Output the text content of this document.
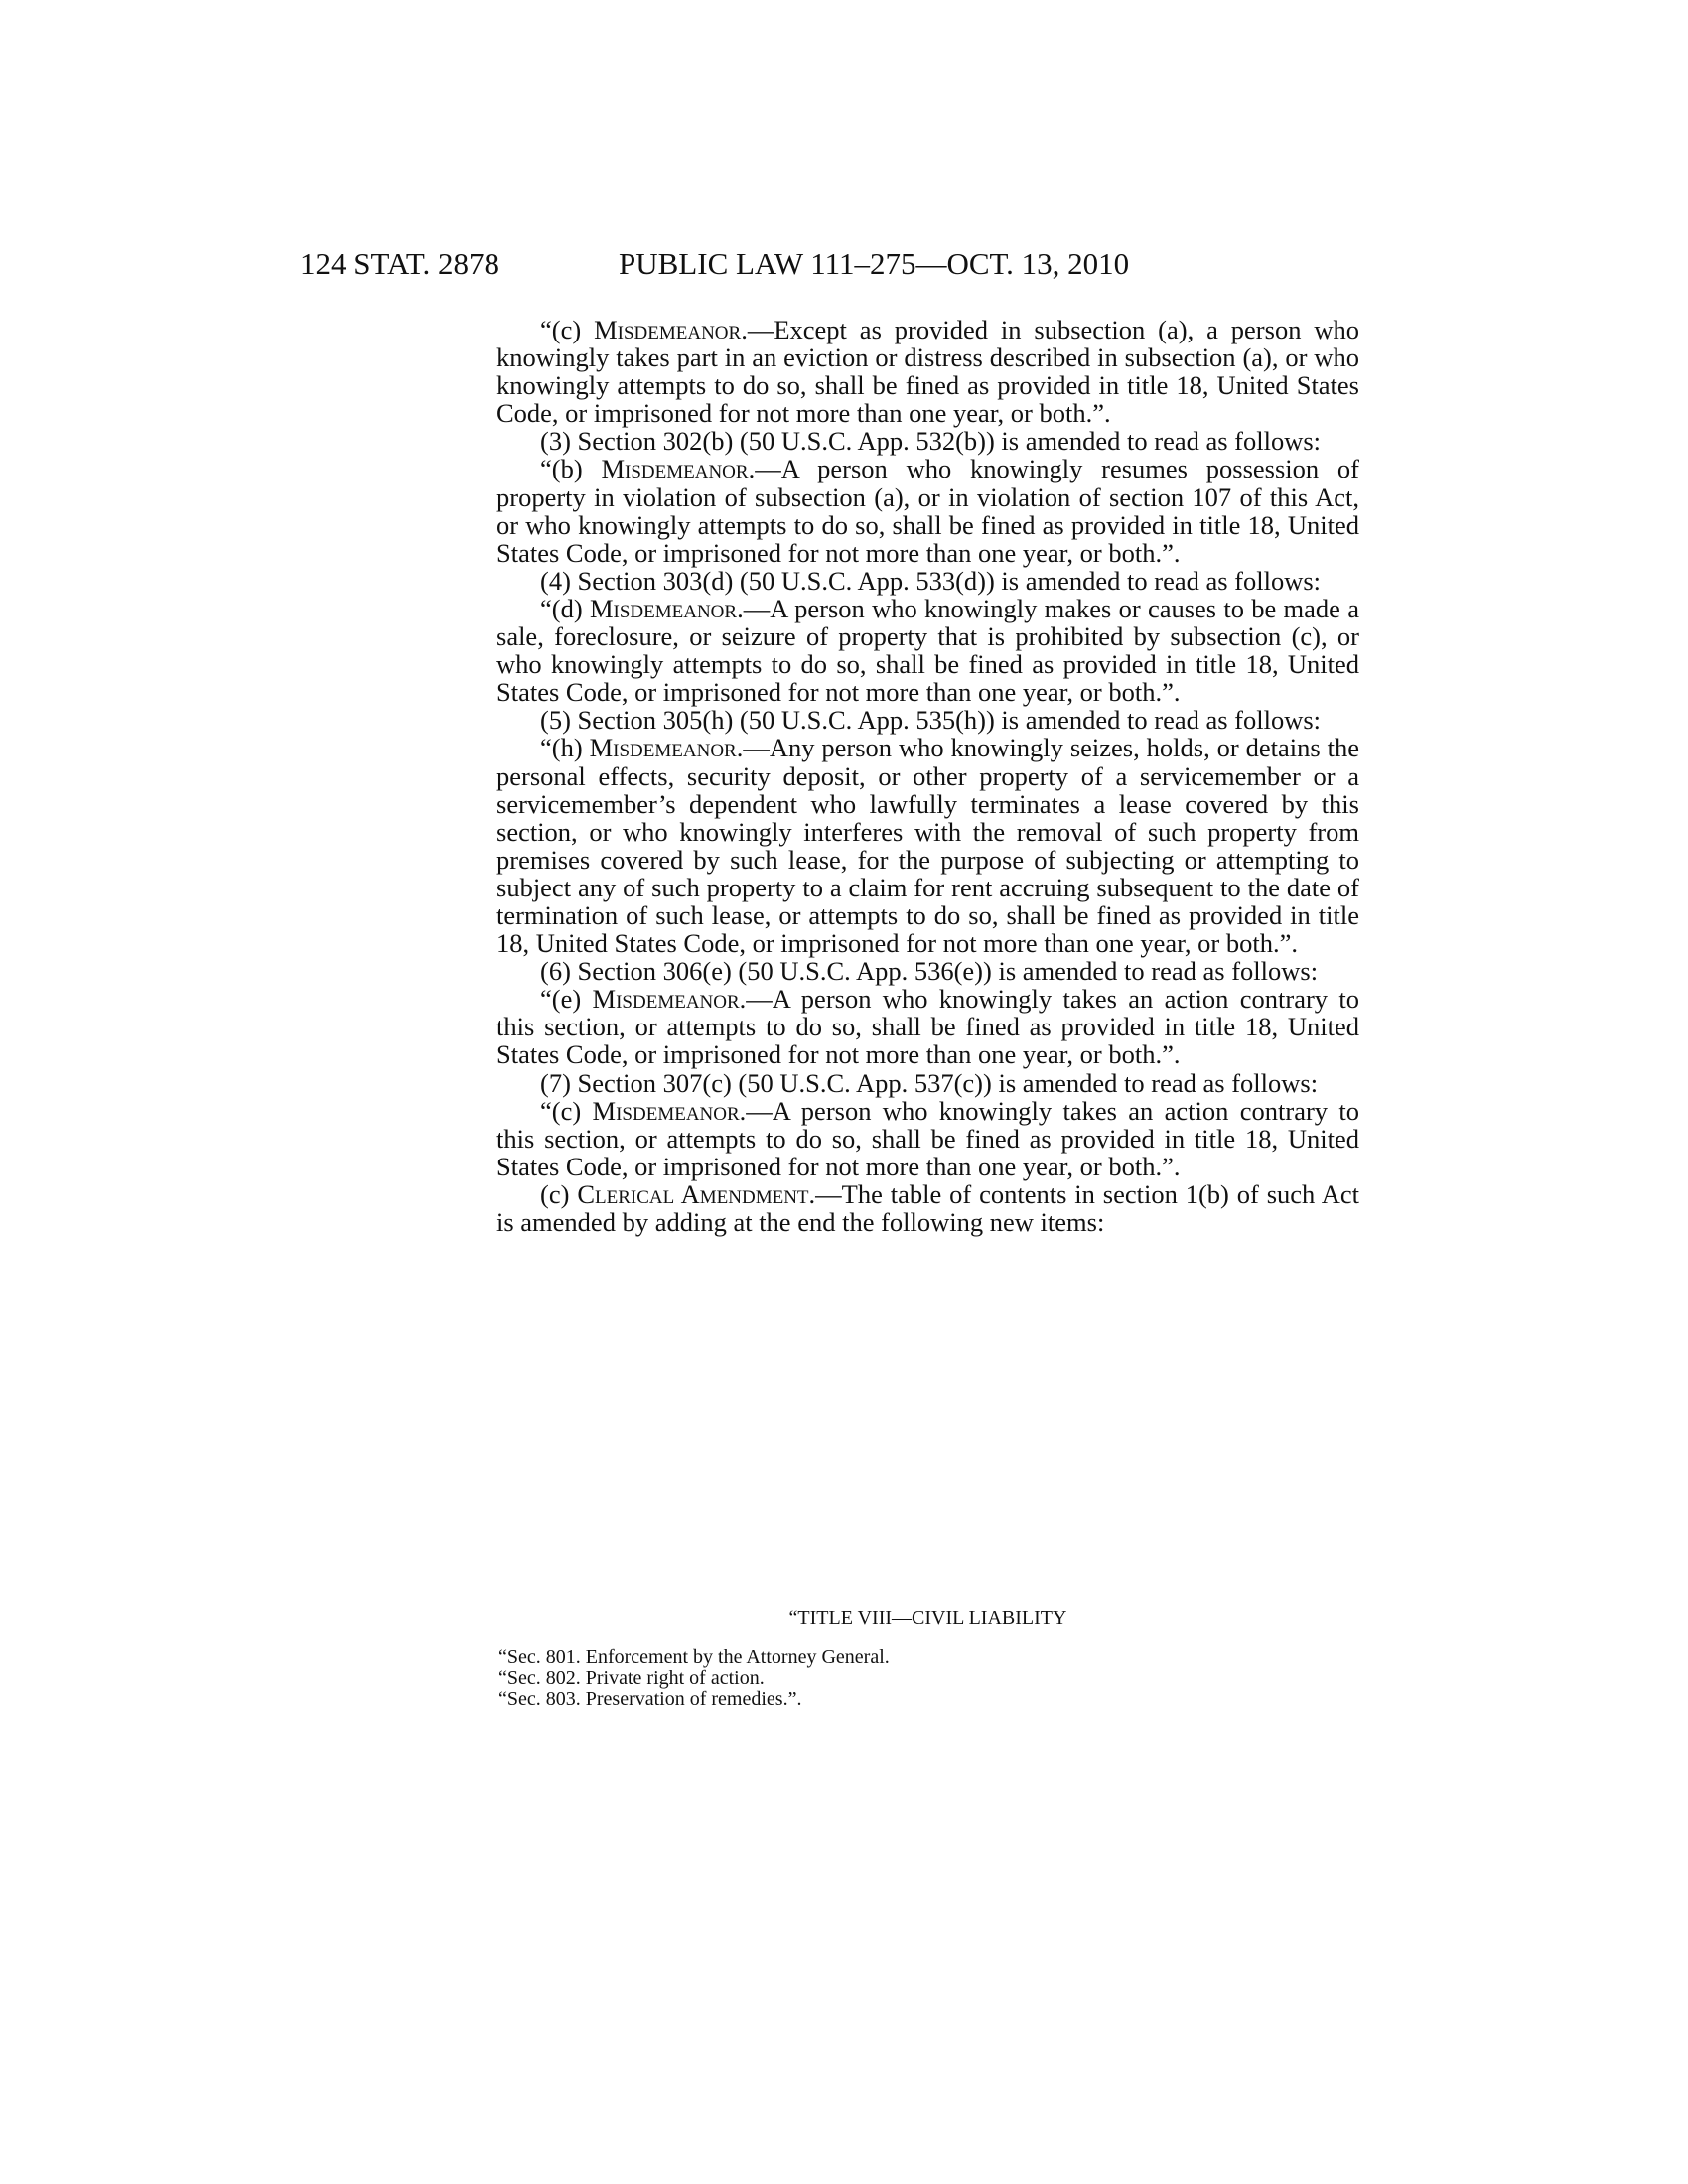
124 STAT. 2878	PUBLIC LAW 111–275—OCT. 13, 2010

“(c) Misdemeanor.—Except as provided in subsection (a), a person who knowingly takes part in an eviction or distress described in subsection (a), or who knowingly attempts to do so, shall be fined as provided in title 18, United States Code, or imprisoned for not more than one year, or both.”.

(3) Section 302(b) (50 U.S.C. App. 532(b)) is amended to read as follows:

“(b) Misdemeanor.—A person who knowingly resumes possession of property in violation of subsection (a), or in violation of section 107 of this Act, or who knowingly attempts to do so, shall be fined as provided in title 18, United States Code, or imprisoned for not more than one year, or both.”.

(4) Section 303(d) (50 U.S.C. App. 533(d)) is amended to read as follows:

“(d) Misdemeanor.—A person who knowingly makes or causes to be made a sale, foreclosure, or seizure of property that is prohibited by subsection (c), or who knowingly attempts to do so, shall be fined as provided in title 18, United States Code, or imprisoned for not more than one year, or both.”.

(5) Section 305(h) (50 U.S.C. App. 535(h)) is amended to read as follows:

“(h) Misdemeanor.—Any person who knowingly seizes, holds, or detains the personal effects, security deposit, or other property of a servicemember or a servicemember’s dependent who lawfully terminates a lease covered by this section, or who knowingly interferes with the removal of such property from premises covered by such lease, for the purpose of subjecting or attempting to subject any of such property to a claim for rent accruing subsequent to the date of termination of such lease, or attempts to do so, shall be fined as provided in title 18, United States Code, or imprisoned for not more than one year, or both.”.

(6) Section 306(e) (50 U.S.C. App. 536(e)) is amended to read as follows:

“(e) Misdemeanor.—A person who knowingly takes an action contrary to this section, or attempts to do so, shall be fined as provided in title 18, United States Code, or imprisoned for not more than one year, or both.”.

(7) Section 307(c) (50 U.S.C. App. 537(c)) is amended to read as follows:

“(c) Misdemeanor.—A person who knowingly takes an action contrary to this section, or attempts to do so, shall be fined as provided in title 18, United States Code, or imprisoned for not more than one year, or both.”.

(c) Clerical Amendment.—The table of contents in section 1(b) of such Act is amended by adding at the end the following new items:

“TITLE VIII—CIVIL LIABILITY

“Sec. 801. Enforcement by the Attorney General.

“Sec. 802. Private right of action.

“Sec. 803. Preservation of remedies.”.
